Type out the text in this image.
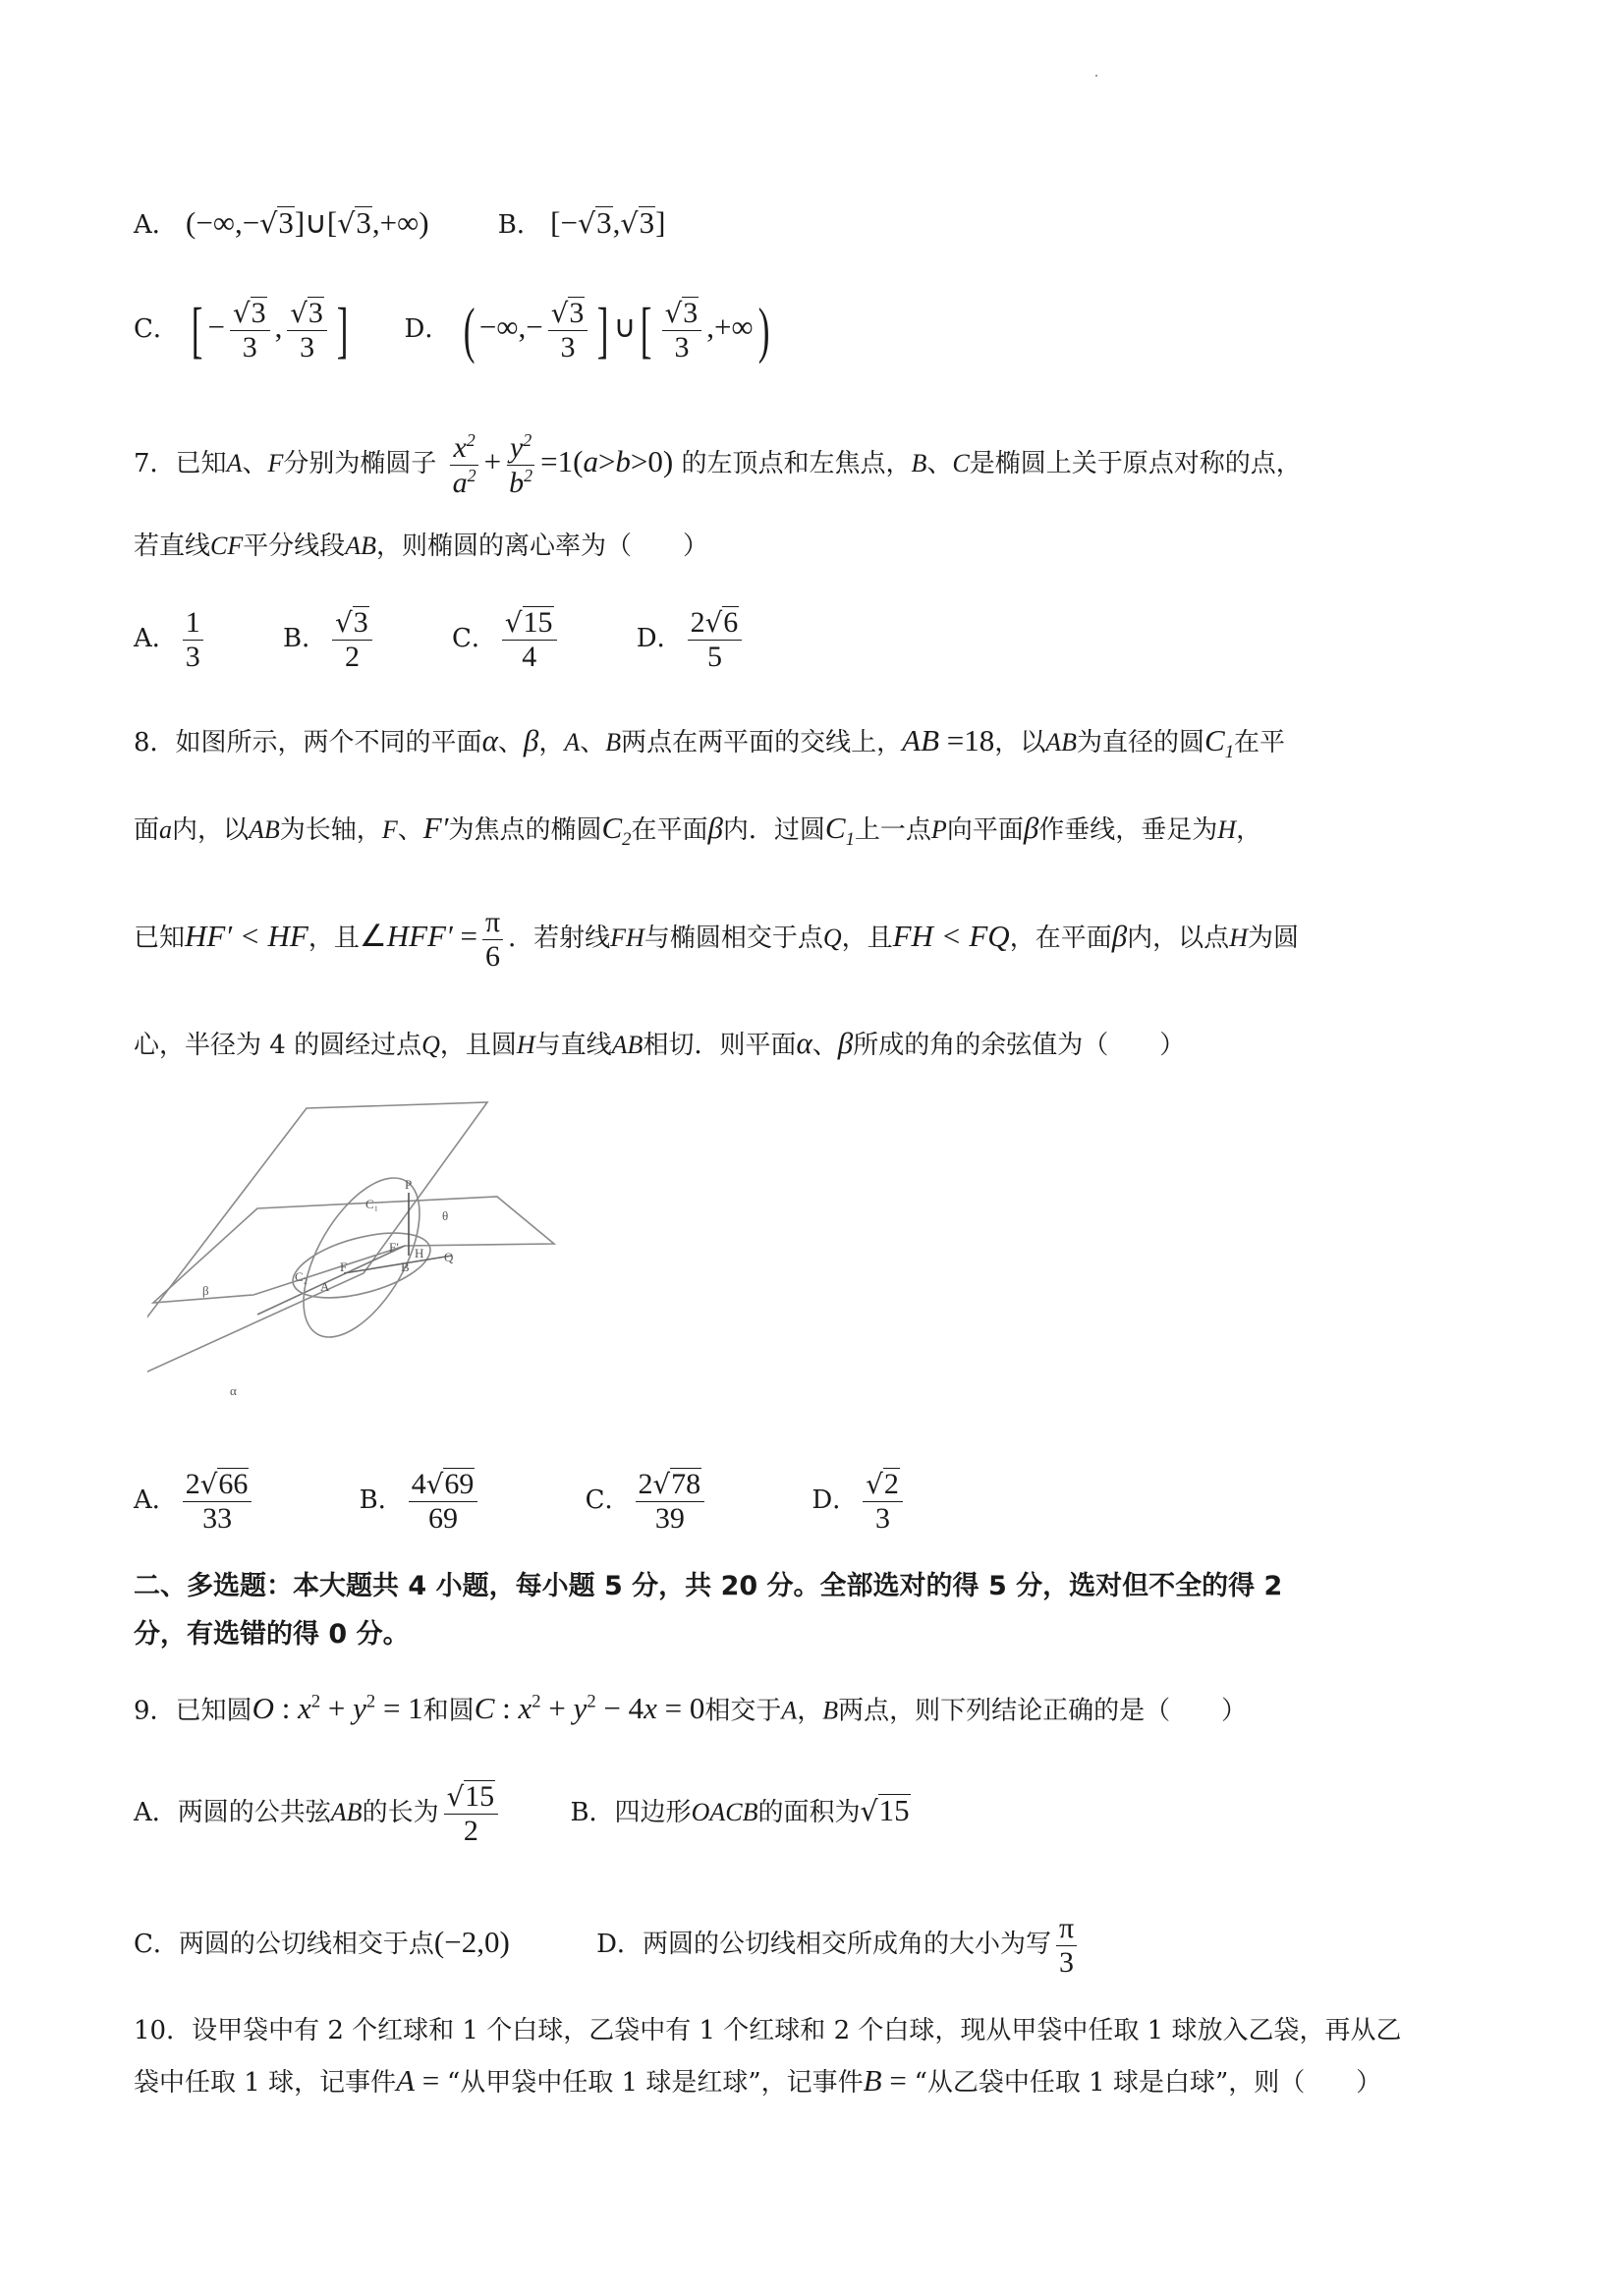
A． (−∞,−√3]∪[√3,+∞)	B． [−√3,√3]
C． [ − $\frac{√3}{3}$ , $\frac{√3}{3}$ ] D． ( −∞,− $\frac{√3}{3}$ ] ∪[ $\frac{√3}{3}$ ,+∞)
7．已知A、F分别为椭圆子 $\frac{x^2}{a^2} + \frac{y^2}{b^2} =1(a>b>0)$ 的左顶点和左焦点，B、C是椭圆上关于原点对称的点，
若直线CF平分线段AB，则椭圆的离心率为（　　）
A． $\frac{1}{3}$	B． $\frac{√3}{2}$	C． $\frac{√15}{4}$	D． $\frac{2√6}{5}$
8．如图所示，两个不同的平面α、β，A、B两点在两平面的交线上，AB =18，以AB为直径的圆$C_1$在平
面a内，以AB为长轴，F、F′为焦点的椭圆$C_2$在平面β内．过圆$C_1$上一点P向平面β作垂线，垂足为H，
已知HF′ < HF，且∠HFF′ = $\frac{\pi}{6}$ ．若射线FH与椭圆相交于点Q，且FH < FQ，在平面β内，以点H为圆
心，半径为 4 的圆经过点Q，且圆H与直线AB相切．则平面α、β所成的角的余弦值为（　　）
P
C₁
θ
F
F′ H Q
C₂
A
B
β
α
A． $\frac{2√66}{33}$	B． $\frac{4√69}{69}$	C． $\frac{2√78}{39}$	D． $\frac{√2}{3}$
二、多选题：本大题共 4 小题，每小题 5 分，共 20 分。全部选对的得 5 分，选对但不全的得 2
分，有选错的得 0 分。
9．已知圆O : $x^2 + y^2 = 1$和圆C : $x^2 + y^2 - 4x = 0$相交于A，B两点，则下列结论正确的是（　　）
A．两圆的公共弦AB的长为 $\frac{√15}{2}$	B．四边形OACB的面积为√15
C．两圆的公切线相交于点(−2,0)	D．两圆的公切线相交所成角的大小为写 $\frac{\pi}{3}$
10．设甲袋中有 2 个红球和 1 个白球，乙袋中有 1 个红球和 2 个白球，现从甲袋中任取 1 球放入乙袋，再从乙
袋中任取 1 球，记事件A = “从甲袋中任取 1 球是红球”，记事件B = “从乙袋中任取 1 球是白球”，则（　　）
